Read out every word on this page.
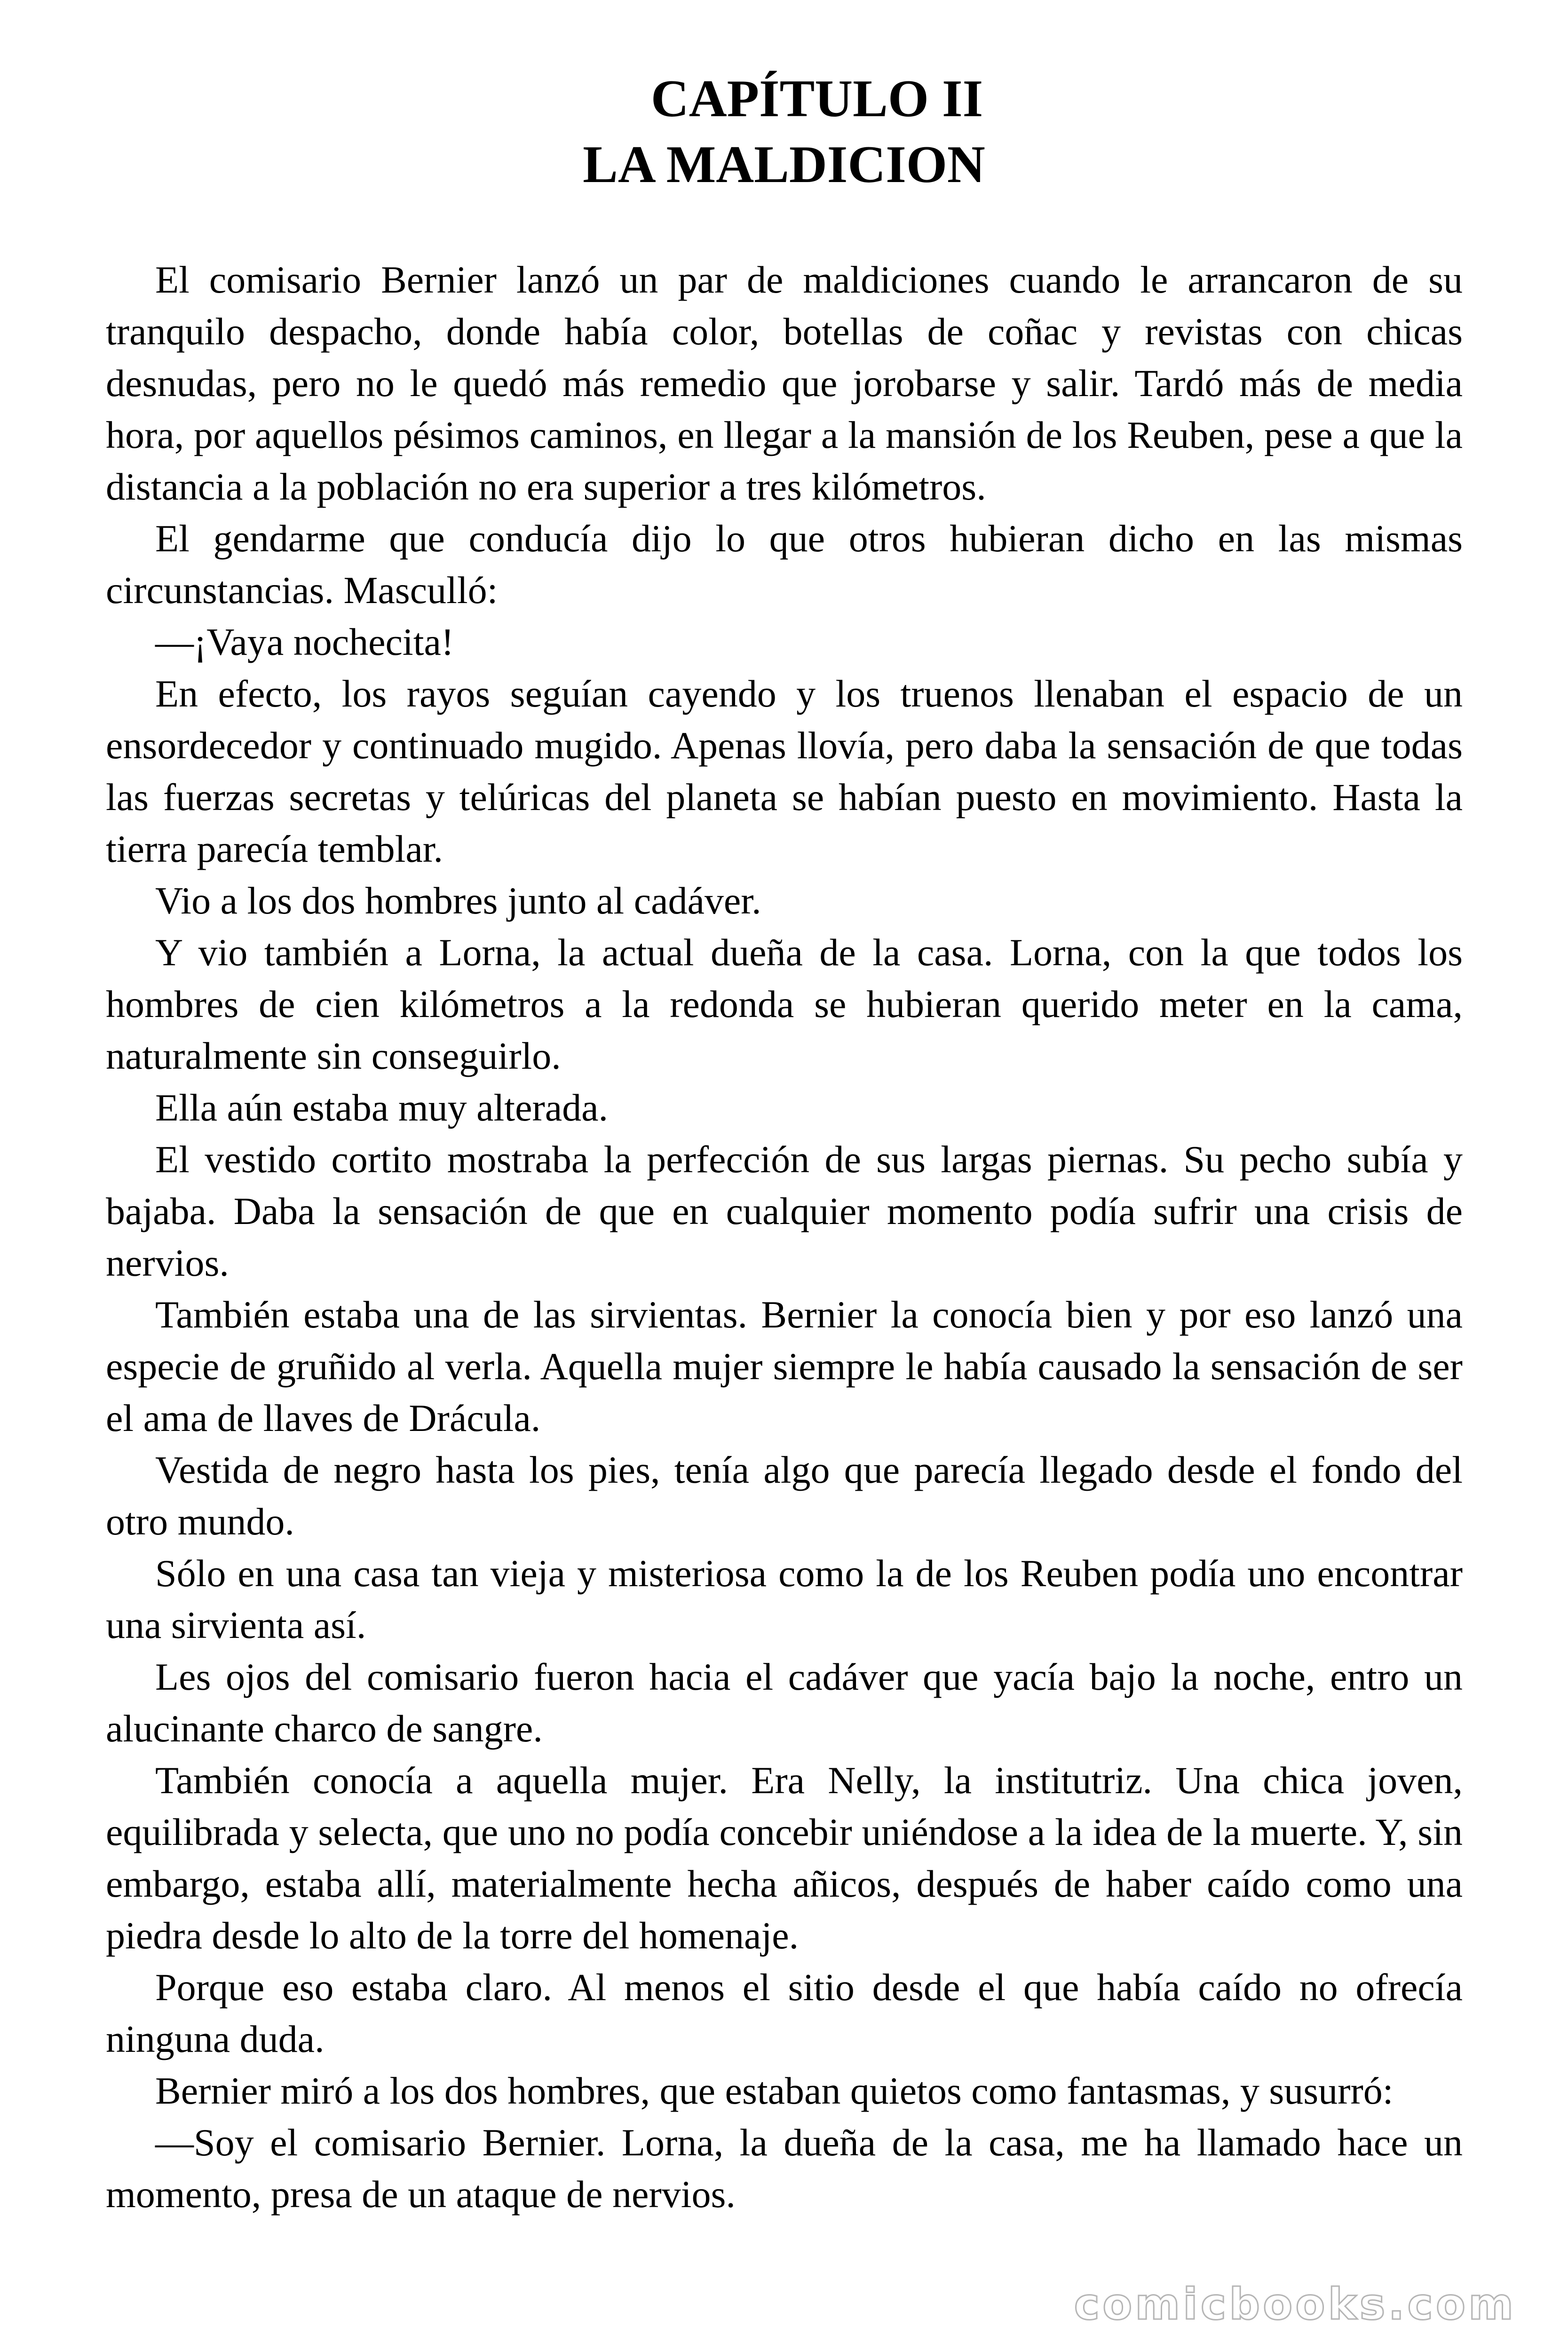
CAPÍTULO II
LA MALDICION

El comisario Bernier lanzó un par de maldiciones cuando le arrancaron de su tranquilo despacho, donde había color, botellas de coñac y revistas con chicas desnudas, pero no le quedó más remedio que jorobarse y salir. Tardó más de media hora, por aquellos pésimos caminos, en llegar a la mansión de los Reuben, pese a que la distancia a la población no era superior a tres kilómetros.

El gendarme que conducía dijo lo que otros hubieran dicho en las mismas circunstancias. Masculló:

—¡Vaya nochecita!

En efecto, los rayos seguían cayendo y los truenos llenaban el espacio de un ensordecedor y continuado mugido. Apenas llovía, pero daba la sensación de que todas las fuerzas secretas y telúricas del planeta se habían puesto en movimiento. Hasta la tierra parecía temblar.

Vio a los dos hombres junto al cadáver.

Y vio también a Lorna, la actual dueña de la casa. Lorna, con la que todos los hombres de cien kilómetros a la redonda se hubieran querido meter en la cama, naturalmente sin conseguirlo.

Ella aún estaba muy alterada.

El vestido cortito mostraba la perfección de sus largas piernas. Su pecho subía y bajaba. Daba la sensación de que en cualquier momento podía sufrir una crisis de nervios.

También estaba una de las sirvientas. Bernier la conocía bien y por eso lanzó una especie de gruñido al verla. Aquella mujer siempre le había causado la sensación de ser el ama de llaves de Drácula.

Vestida de negro hasta los pies, tenía algo que parecía llegado desde el fondo del otro mundo.

Sólo en una casa tan vieja y misteriosa como la de los Reuben podía uno encontrar una sirvienta así.

Les ojos del comisario fueron hacia el cadáver que yacía bajo la noche, entro un alucinante charco de sangre.

También conocía a aquella mujer. Era Nelly, la institutriz. Una chica joven, equilibrada y selecta, que uno no podía concebir uniéndose a la idea de la muerte. Y, sin embargo, estaba allí, materialmente hecha añicos, después de haber caído como una piedra desde lo alto de la torre del homenaje.

Porque eso estaba claro. Al menos el sitio desde el que había caído no ofrecía ninguna duda.

Bernier miró a los dos hombres, que estaban quietos como fantasmas, y susurró:

—Soy el comisario Bernier. Lorna, la dueña de la casa, me ha llamado hace un momento, presa de un ataque de nervios.

comicbooks.com
